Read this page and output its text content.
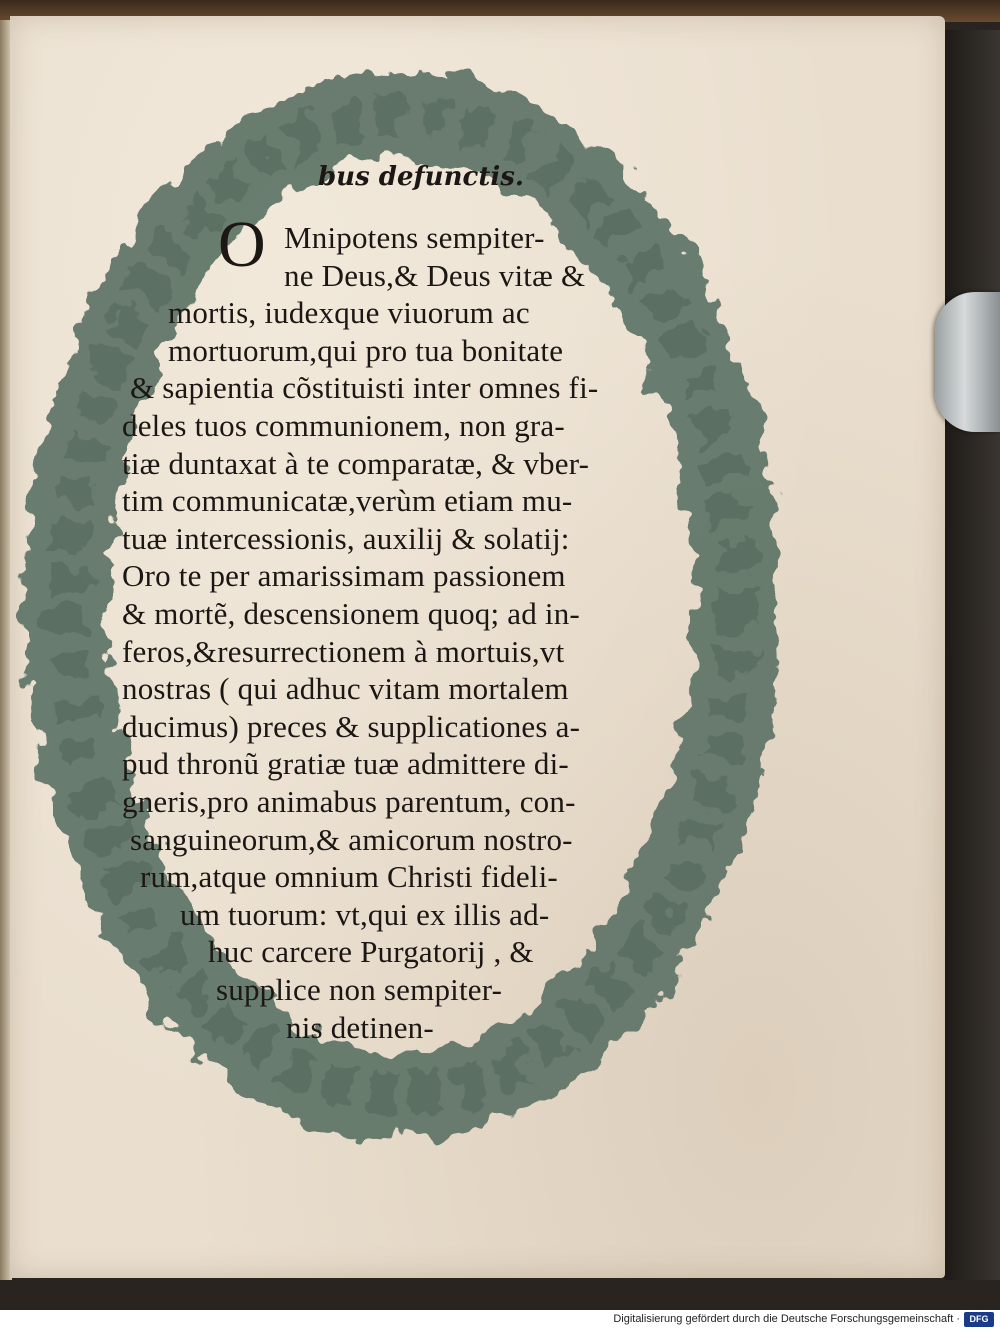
bus defunctis.
O Mnipotens sempiter-
ne Deus,& Deus vitæ &
mortis, iudexque viuorum ac
mortuorum,qui pro tua bonitate
& sapientia cõstituisti inter omnes fi-
deles tuos communionem, non gra-
tiæ duntaxat à te comparatæ, & vber-
tim communicatæ,verùm etiam mu-
tuæ intercessionis, auxilij & solatij:
Oro te per amarissimam passionem
& mortẽ, descensionem quoq; ad in-
feros,&resurrectionem à mortuis,vt
nostras ( qui adhuc vitam mortalem
ducimus) preces & supplicationes a-
pud thronũ gratiæ tuæ admittere di-
gneris,pro animabus parentum, con-
sanguineorum,& amicorum nostro-
rum,atque omnium Christi fideli-
um tuorum: vt,qui ex illis ad-
huc carcere Purgatorij , &
supplice non sempiter-
nis detinen-
Digitalisierung gefördert durch die Deutsche Forschungsgemeinschaft ·	DFG
